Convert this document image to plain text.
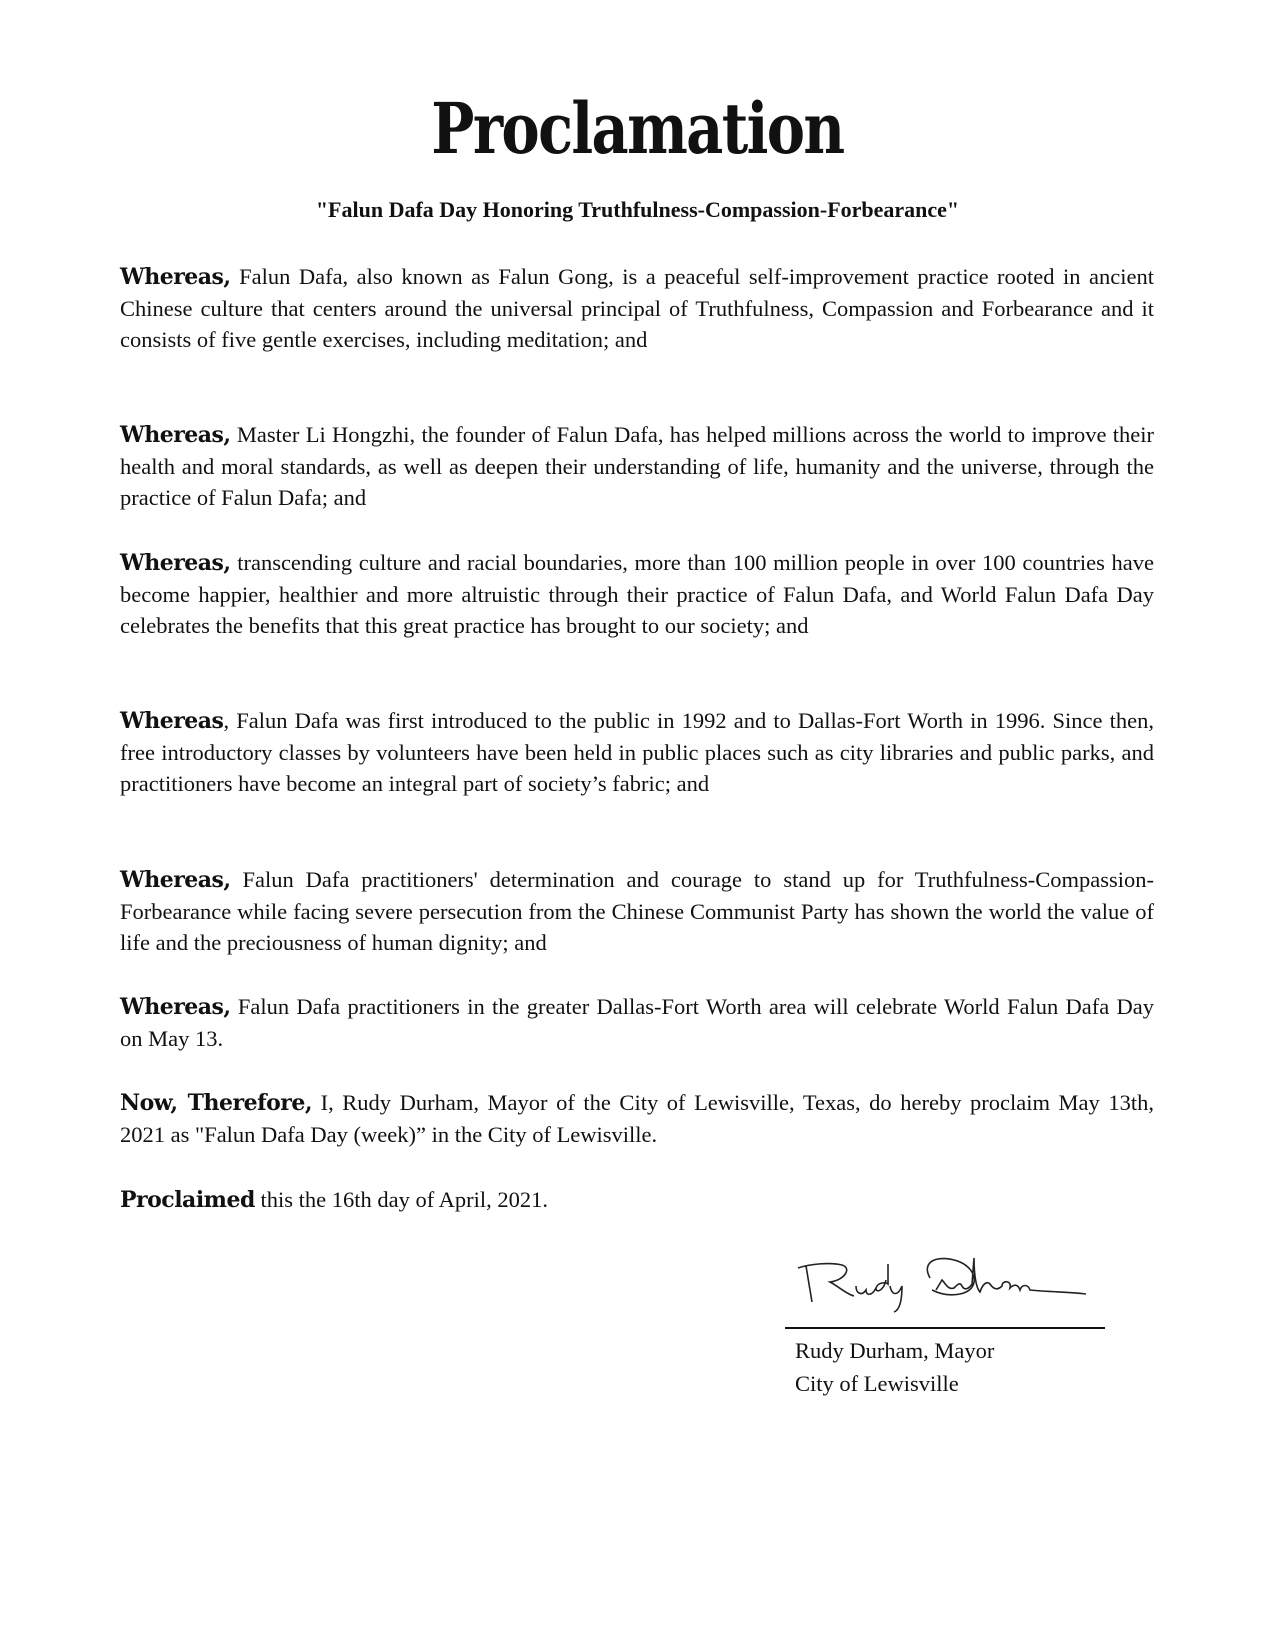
Proclamation
"Falun Dafa Day Honoring Truthfulness-Compassion-Forbearance"

Whereas, Falun Dafa, also known as Falun Gong, is a peaceful self-improvement practice rooted in ancient Chinese culture that centers around the universal principal of Truthfulness, Compassion and Forbearance and it consists of five gentle exercises, including meditation; and

Whereas, Master Li Hongzhi, the founder of Falun Dafa, has helped millions across the world to improve their health and moral standards, as well as deepen their understanding of life, humanity and the universe, through the practice of Falun Dafa; and

Whereas, transcending culture and racial boundaries, more than 100 million people in over 100 countries have become happier, healthier and more altruistic through their practice of Falun Dafa, and World Falun Dafa Day celebrates the benefits that this great practice has brought to our society; and

Whereas, Falun Dafa was first introduced to the public in 1992 and to Dallas-Fort Worth in 1996. Since then, free introductory classes by volunteers have been held in public places such as city libraries and public parks, and practitioners have become an integral part of society’s fabric; and

Whereas, Falun Dafa practitioners' determination and courage to stand up for Truthfulness-Compassion-Forbearance while facing severe persecution from the Chinese Communist Party has shown the world the value of life and the preciousness of human dignity; and

Whereas, Falun Dafa practitioners in the greater Dallas-Fort Worth area will celebrate World Falun Dafa Day on May 13.

Now, Therefore, I, Rudy Durham, Mayor of the City of Lewisville, Texas, do hereby proclaim May 13th, 2021 as "Falun Dafa Day (week)” in the City of Lewisville.

Proclaimed this the 16th day of April, 2021.

Rudy Durham, Mayor
City of Lewisville
